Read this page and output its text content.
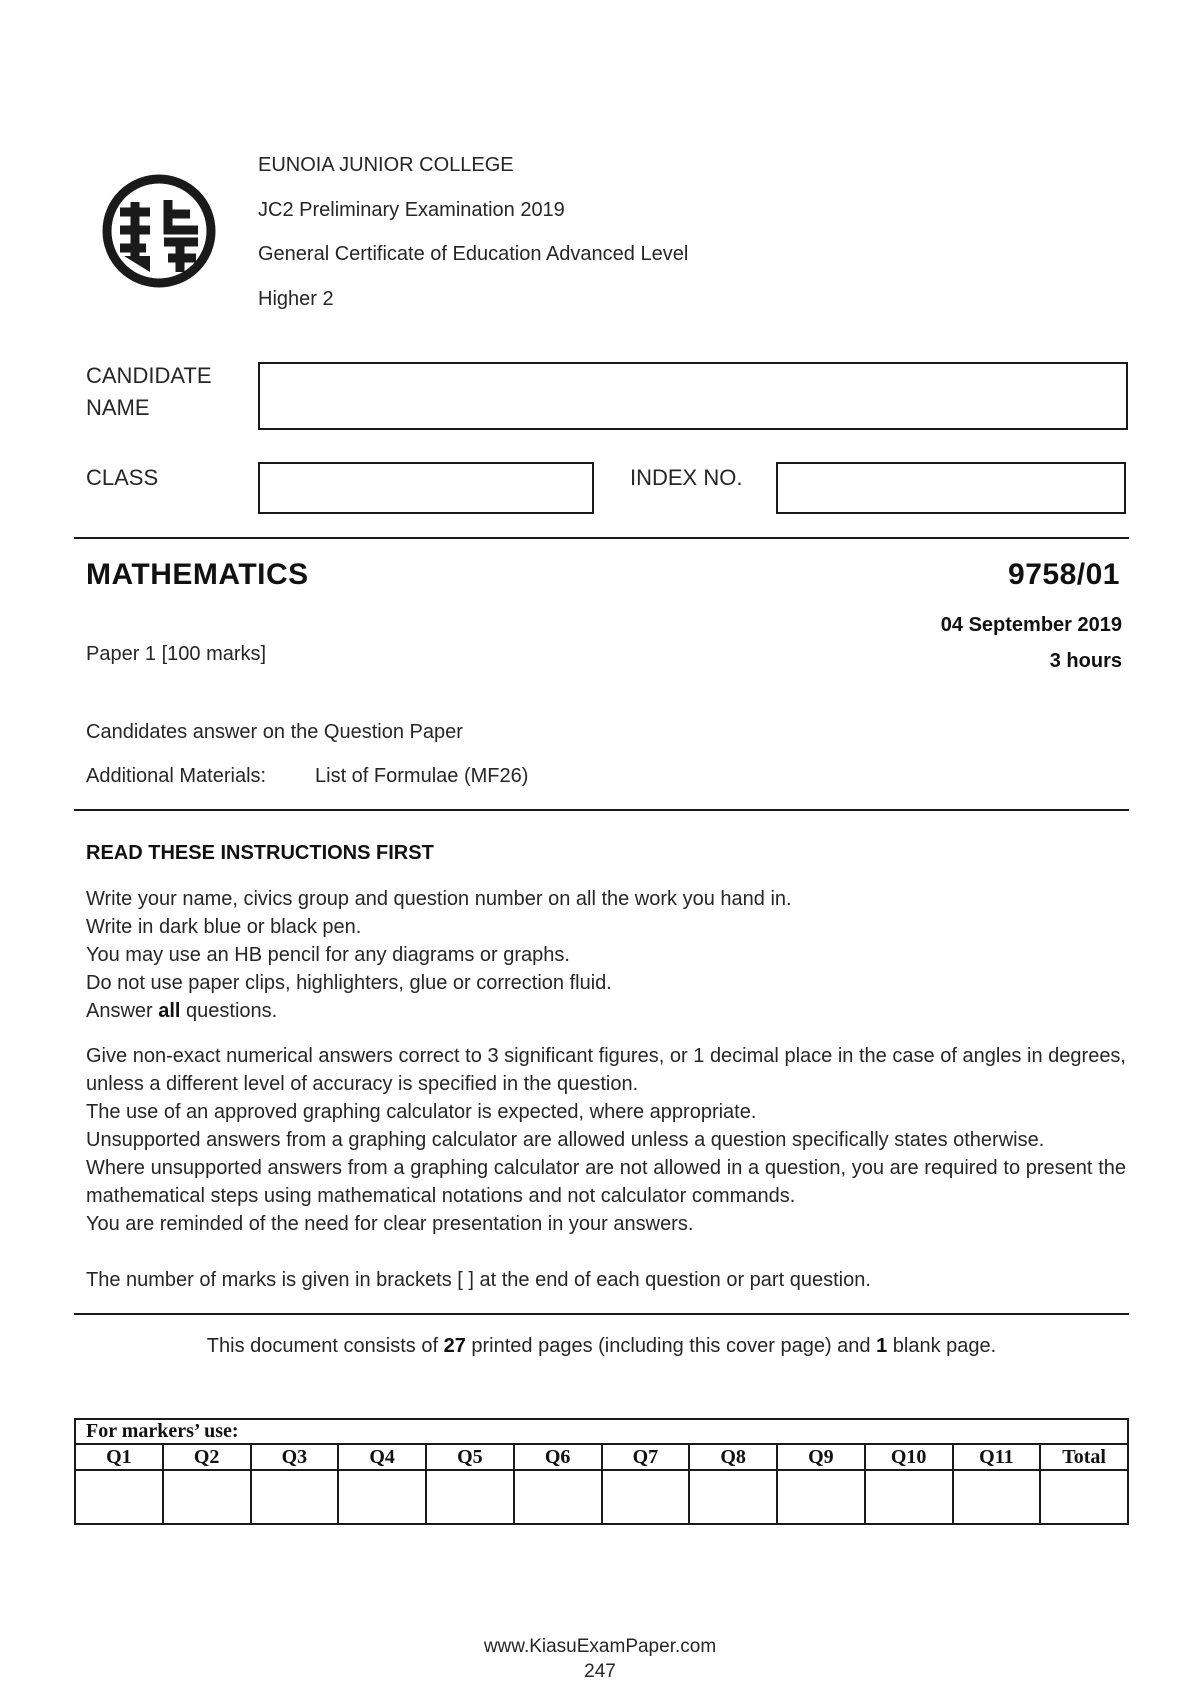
EUNOIA JUNIOR COLLEGE
JC2 Preliminary Examination 2019
General Certificate of Education Advanced Level
Higher 2
CANDIDATE
NAME
CLASS	INDEX NO.
MATHEMATICS	9758/01
04 September 2019
3 hours
Paper 1 [100 marks]
Candidates answer on the Question Paper
Additional Materials: List of Formulae (MF26)
READ THESE INSTRUCTIONS FIRST

Write your name, civics group and question number on all the work you hand in.

Write in dark blue or black pen.

You may use an HB pencil for any diagrams or graphs.

Do not use paper clips, highlighters, glue or correction fluid.

Answer all questions.

Give non-exact numerical answers correct to 3 significant figures, or 1 decimal place in the case of angles in degrees, unless a different level of accuracy is specified in the question.

The use of an approved graphing calculator is expected, where appropriate.

Unsupported answers from a graphing calculator are allowed unless a question specifically states otherwise.

Where unsupported answers from a graphing calculator are not allowed in a question, you are required to present the mathematical steps using mathematical notations and not calculator commands.

You are reminded of the need for clear presentation in your answers.

The number of marks is given in brackets [ ] at the end of each question or part question.
This document consists of 27 printed pages (including this cover page) and 1 blank page.
For markers’ use:											
Q1	Q2	Q3	Q4	Q5	Q6	Q7	Q8	Q9	Q10	Q11	Total

www.KiasuExamPaper.com
247
